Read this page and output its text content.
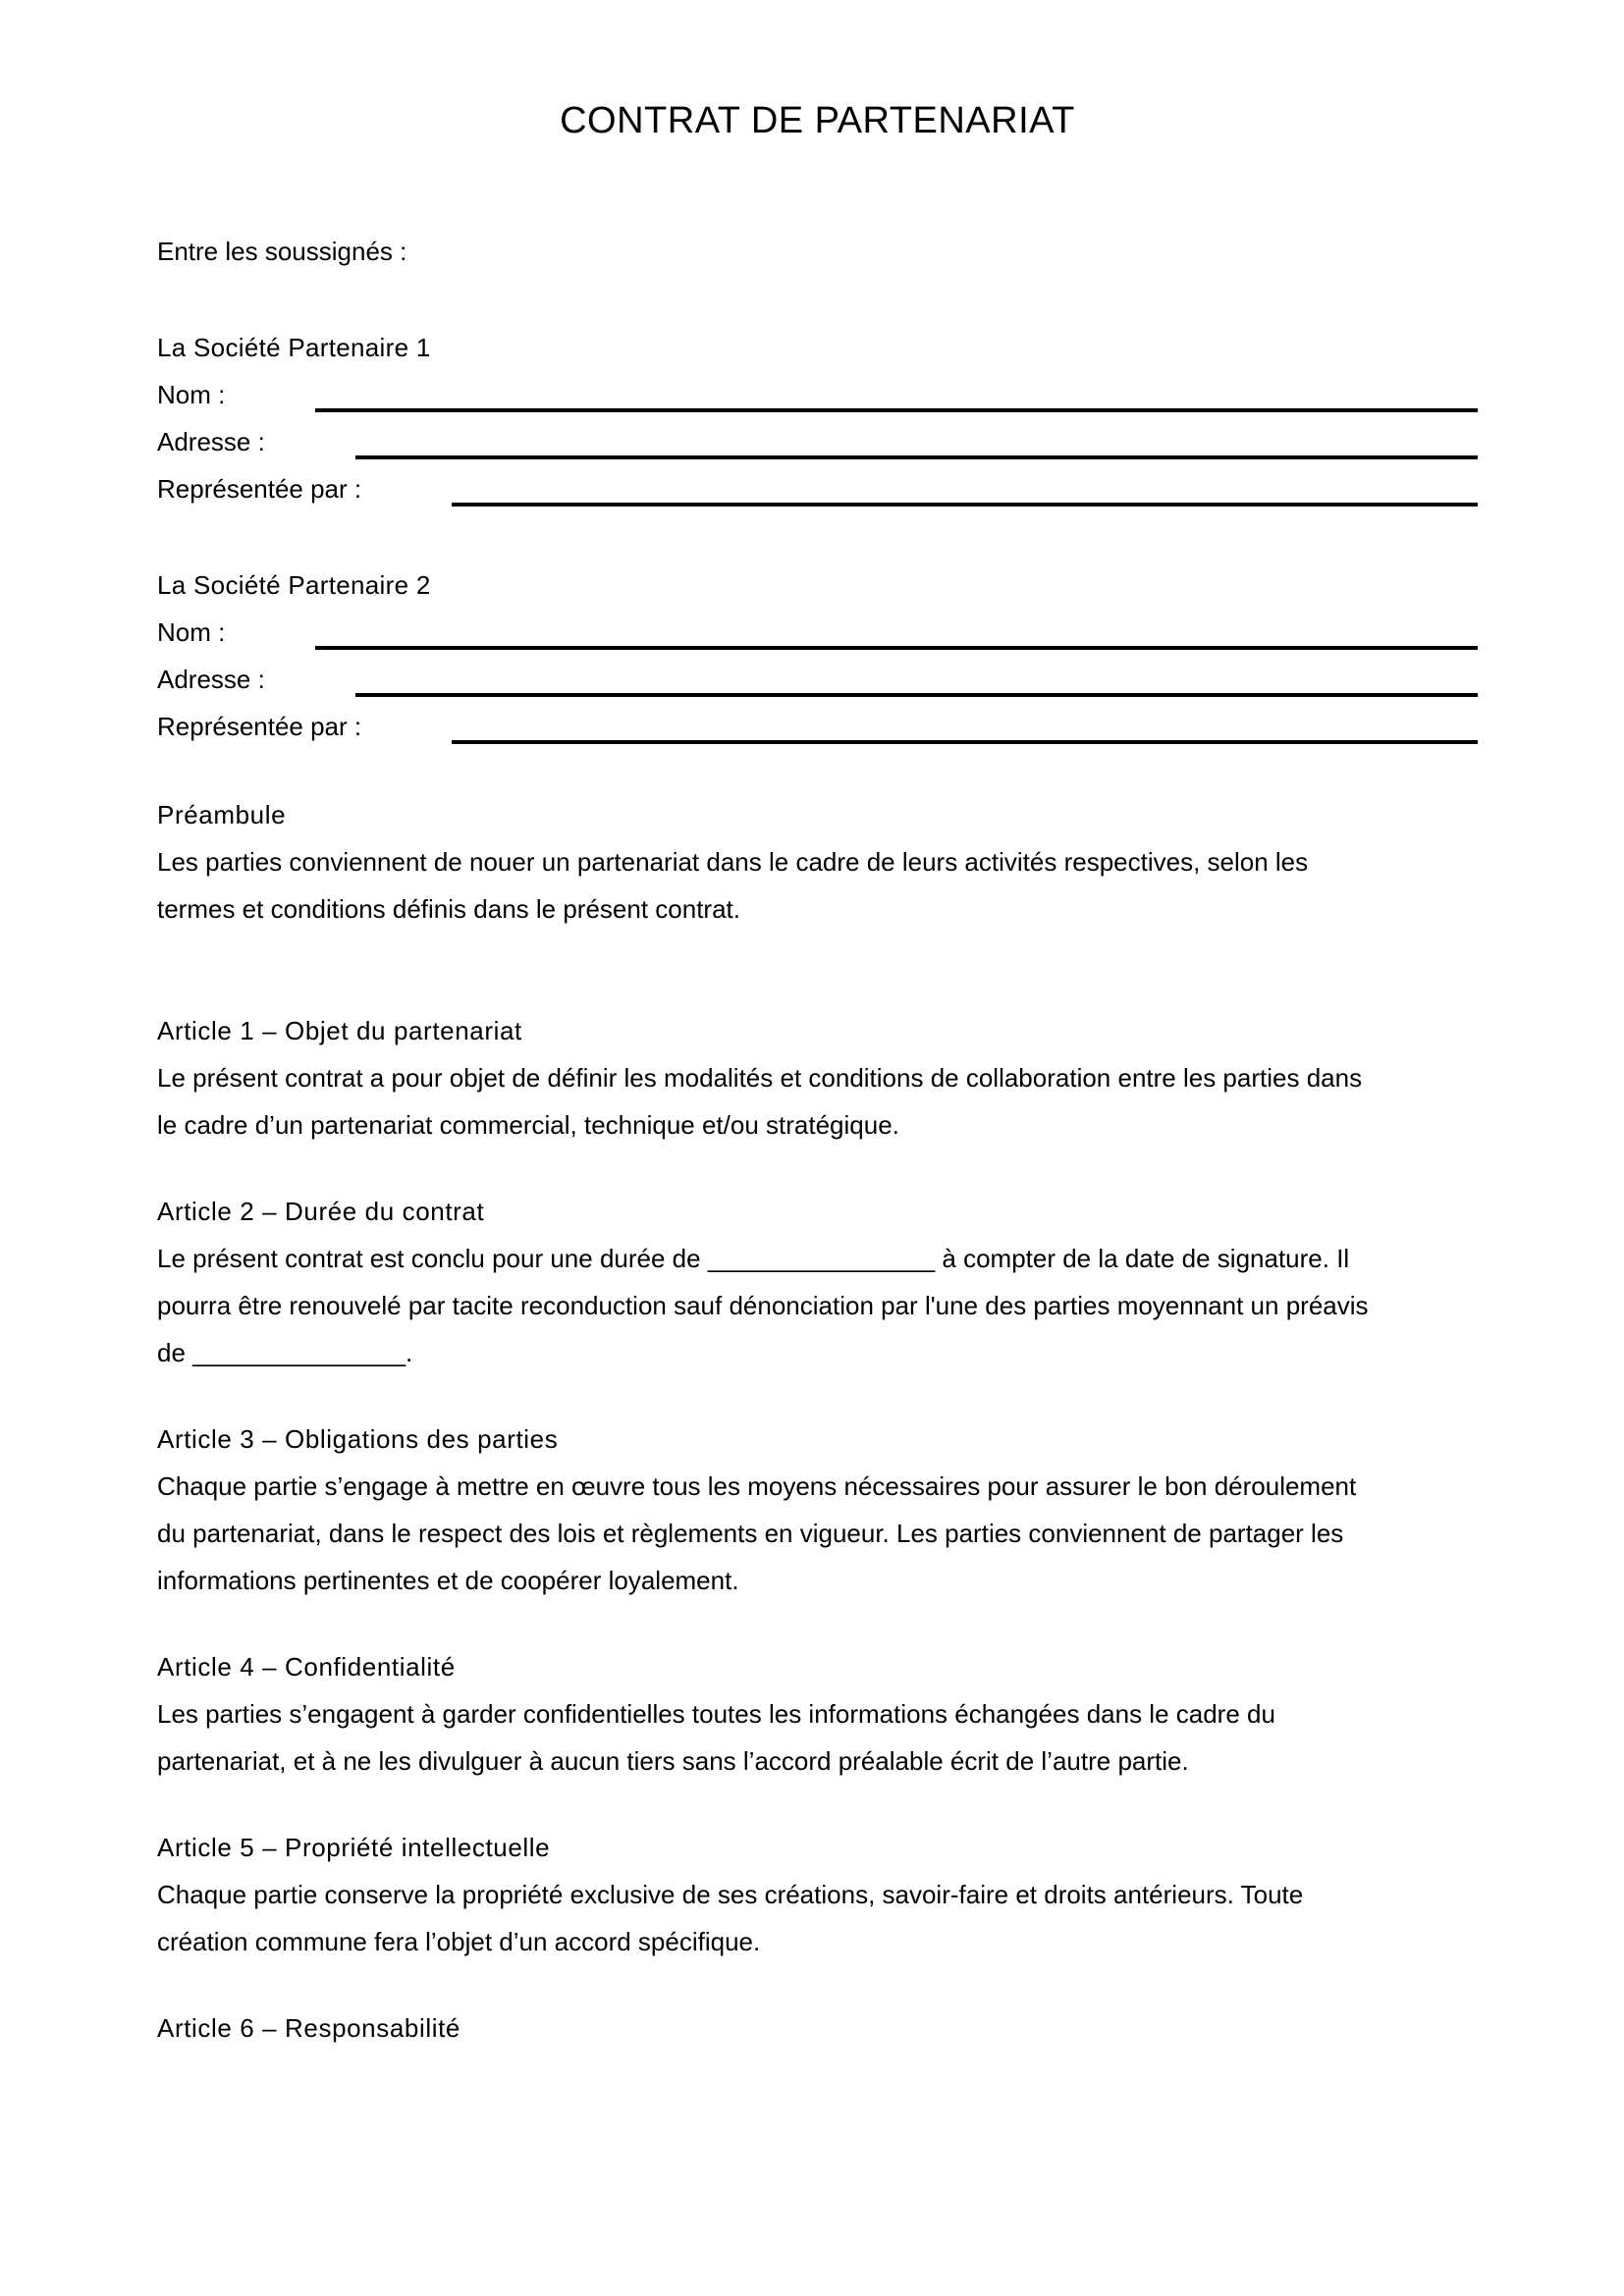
CONTRAT DE PARTENARIAT
Entre les soussignés :
La Société Partenaire 1
Nom :
Adresse :
Représentée par :
La Société Partenaire 2
Nom :
Adresse :
Représentée par :
Préambule
Les parties conviennent de nouer un partenariat dans le cadre de leurs activités respectives, selon les
termes et conditions définis dans le présent contrat.
Article 1 – Objet du partenariat
Le présent contrat a pour objet de définir les modalités et conditions de collaboration entre les parties dans
le cadre d’un partenariat commercial, technique et/ou stratégique.
Article 2 – Durée du contrat
Le présent contrat est conclu pour une durée de ________________ à compter de la date de signature. Il
pourra être renouvelé par tacite reconduction sauf dénonciation par l'une des parties moyennant un préavis
de _______________.
Article 3 – Obligations des parties
Chaque partie s’engage à mettre en œuvre tous les moyens nécessaires pour assurer le bon déroulement
du partenariat, dans le respect des lois et règlements en vigueur. Les parties conviennent de partager les
informations pertinentes et de coopérer loyalement.
Article 4 – Confidentialité
Les parties s’engagent à garder confidentielles toutes les informations échangées dans le cadre du
partenariat, et à ne les divulguer à aucun tiers sans l’accord préalable écrit de l’autre partie.
Article 5 – Propriété intellectuelle
Chaque partie conserve la propriété exclusive de ses créations, savoir-faire et droits antérieurs. Toute
création commune fera l’objet d’un accord spécifique.
Article 6 – Responsabilité
